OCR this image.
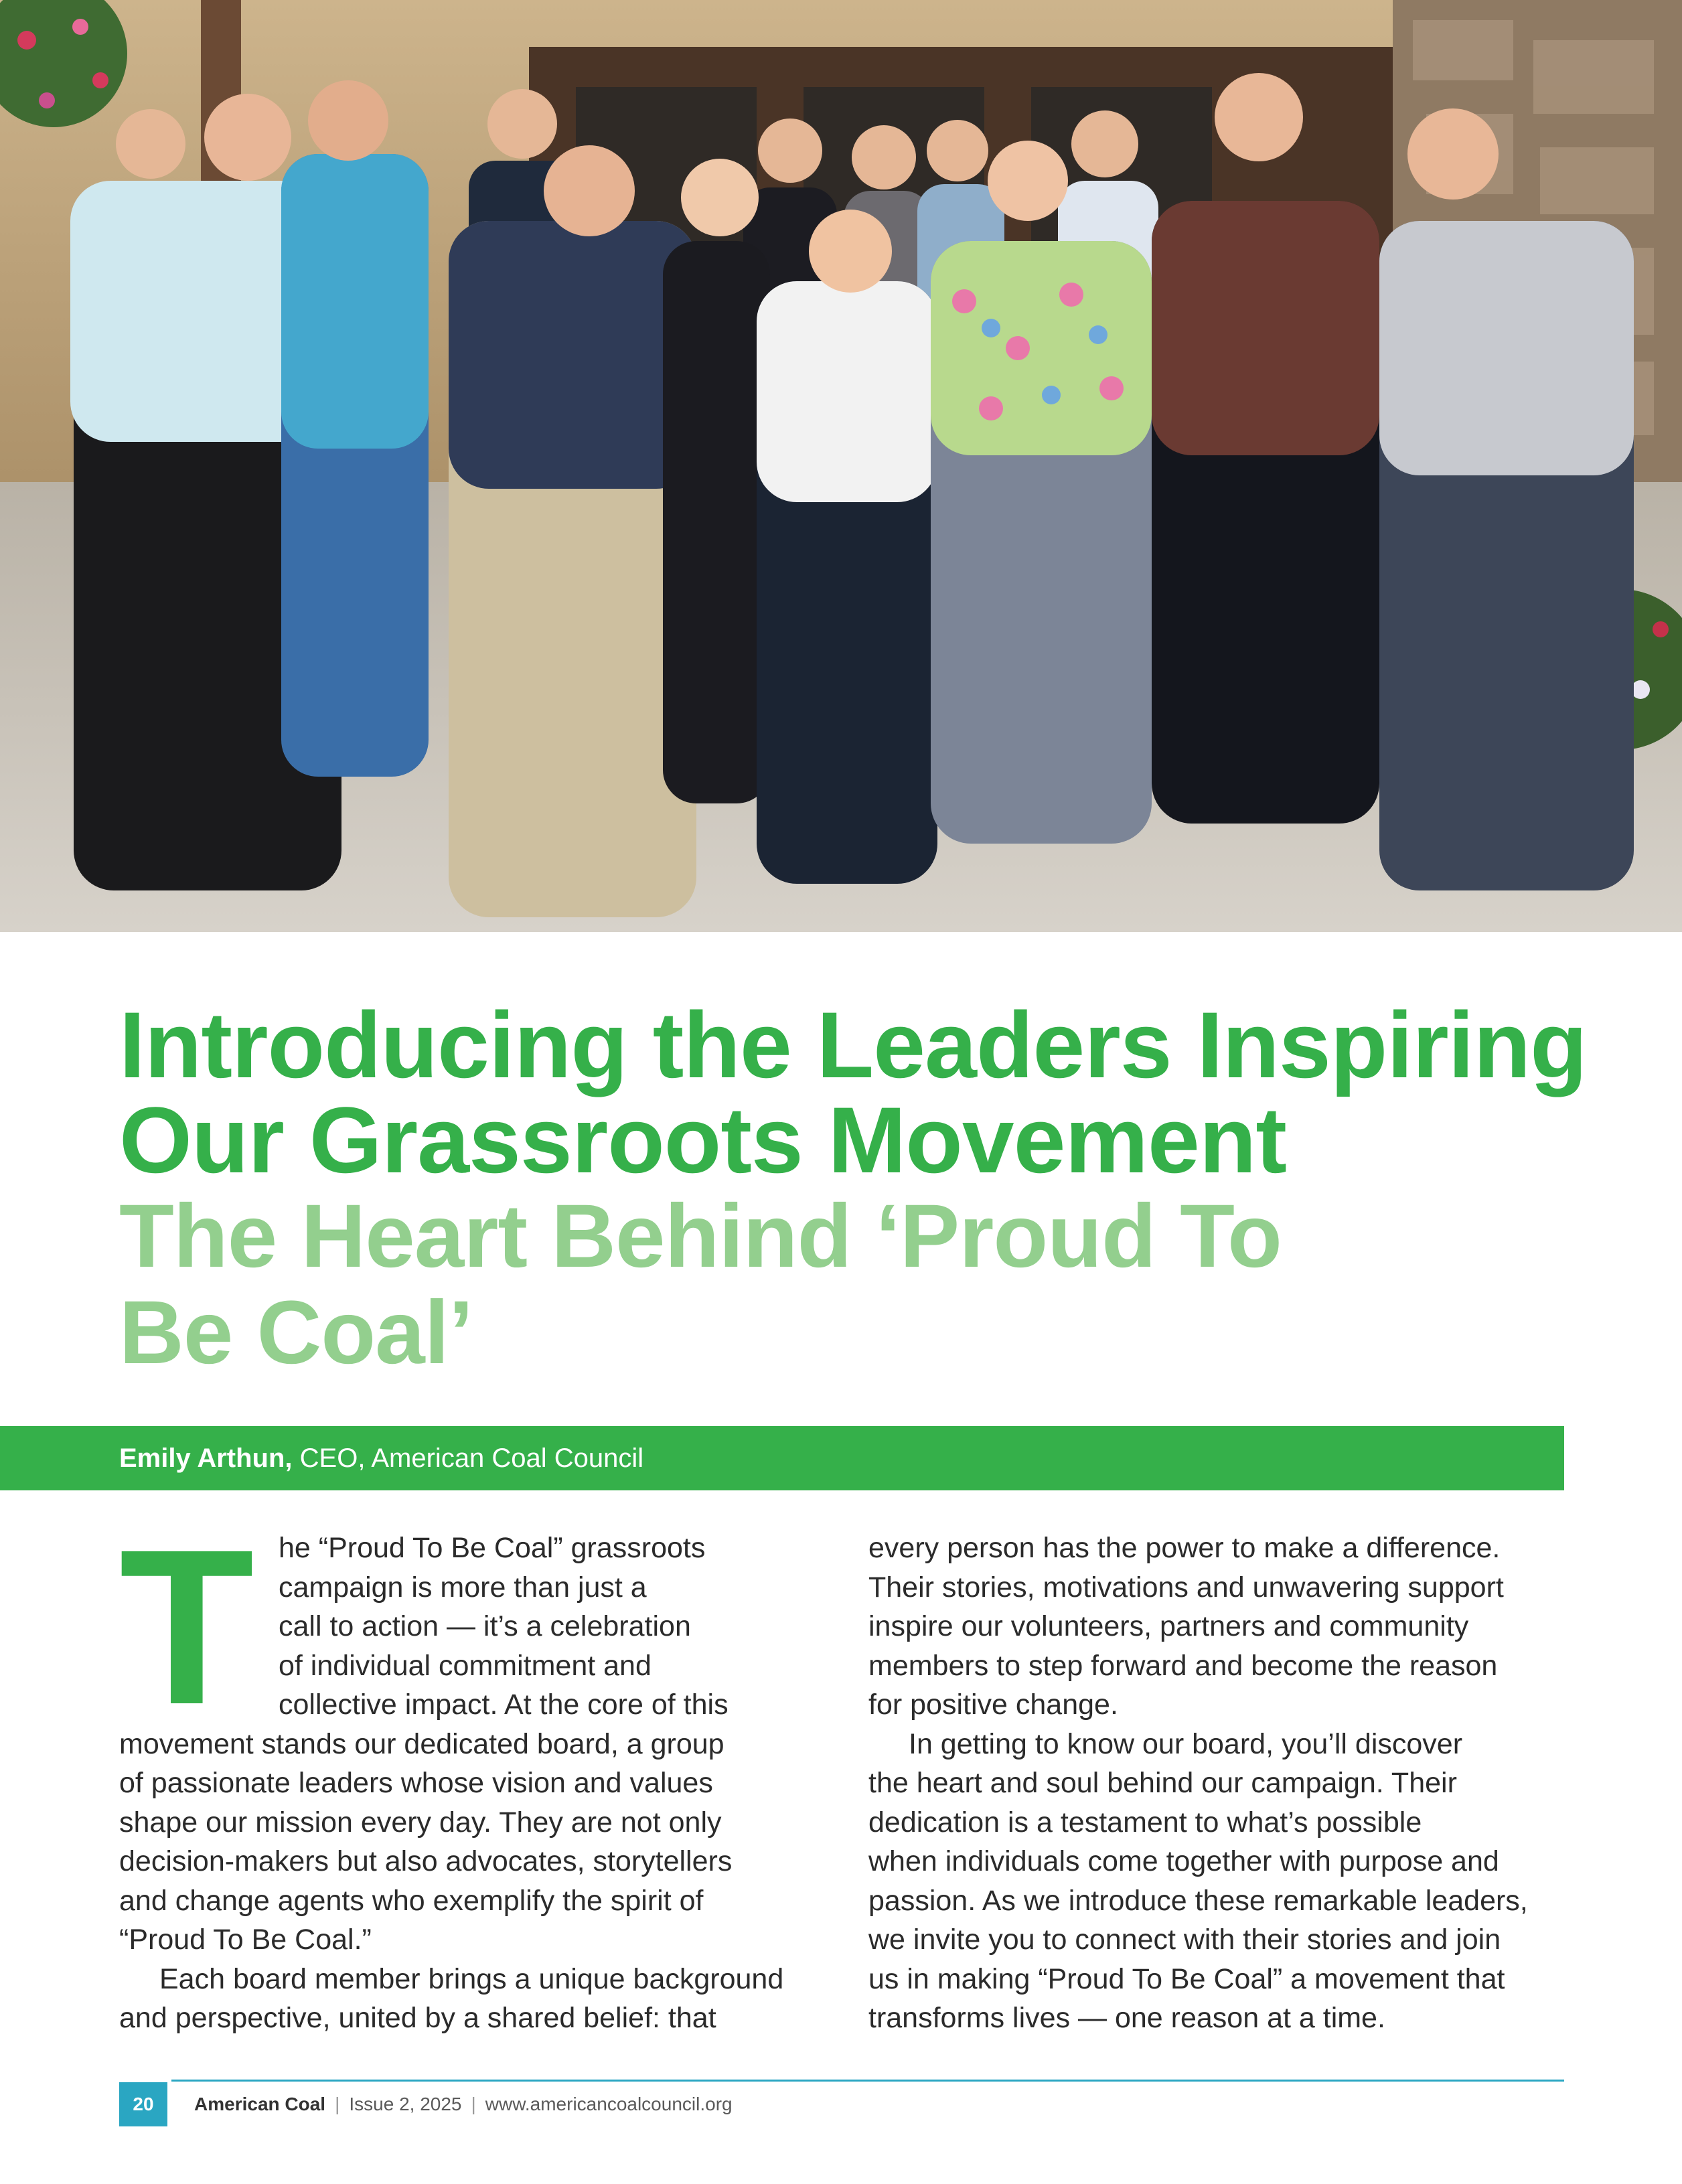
Introducing the Leaders Inspiring
Our Grassroots Movement
The Heart Behind ‘Proud To
Be Coal’
Emily Arthun, CEO, American Coal Council
T he “Proud To Be Coal” grassroots

campaign is more than just a

call to action — it’s a celebration

of individual commitment and

collective impact. At the core of this

movement stands our dedicated board, a group

of passionate leaders whose vision and values

shape our mission every day. They are not only

decision-makers but also advocates, storytellers

and change agents who exemplify the spirit of

“Proud To Be Coal.”

Each board member brings a unique background

and perspective, united by a shared belief: that

every person has the power to make a difference.

Their stories, motivations and unwavering support

inspire our volunteers, partners and community

members to step forward and become the reason

for positive change.

In getting to know our board, you’ll discover

the heart and soul behind our campaign. Their

dedication is a testament to what’s possible

when individuals come together with purpose and

passion. As we introduce these remarkable leaders,

we invite you to connect with their stories and join

us in making “Proud To Be Coal” a movement that

transforms lives — one reason at a time.

20	American Coal | Issue 2, 2025 | www.americancoalcouncil.org
